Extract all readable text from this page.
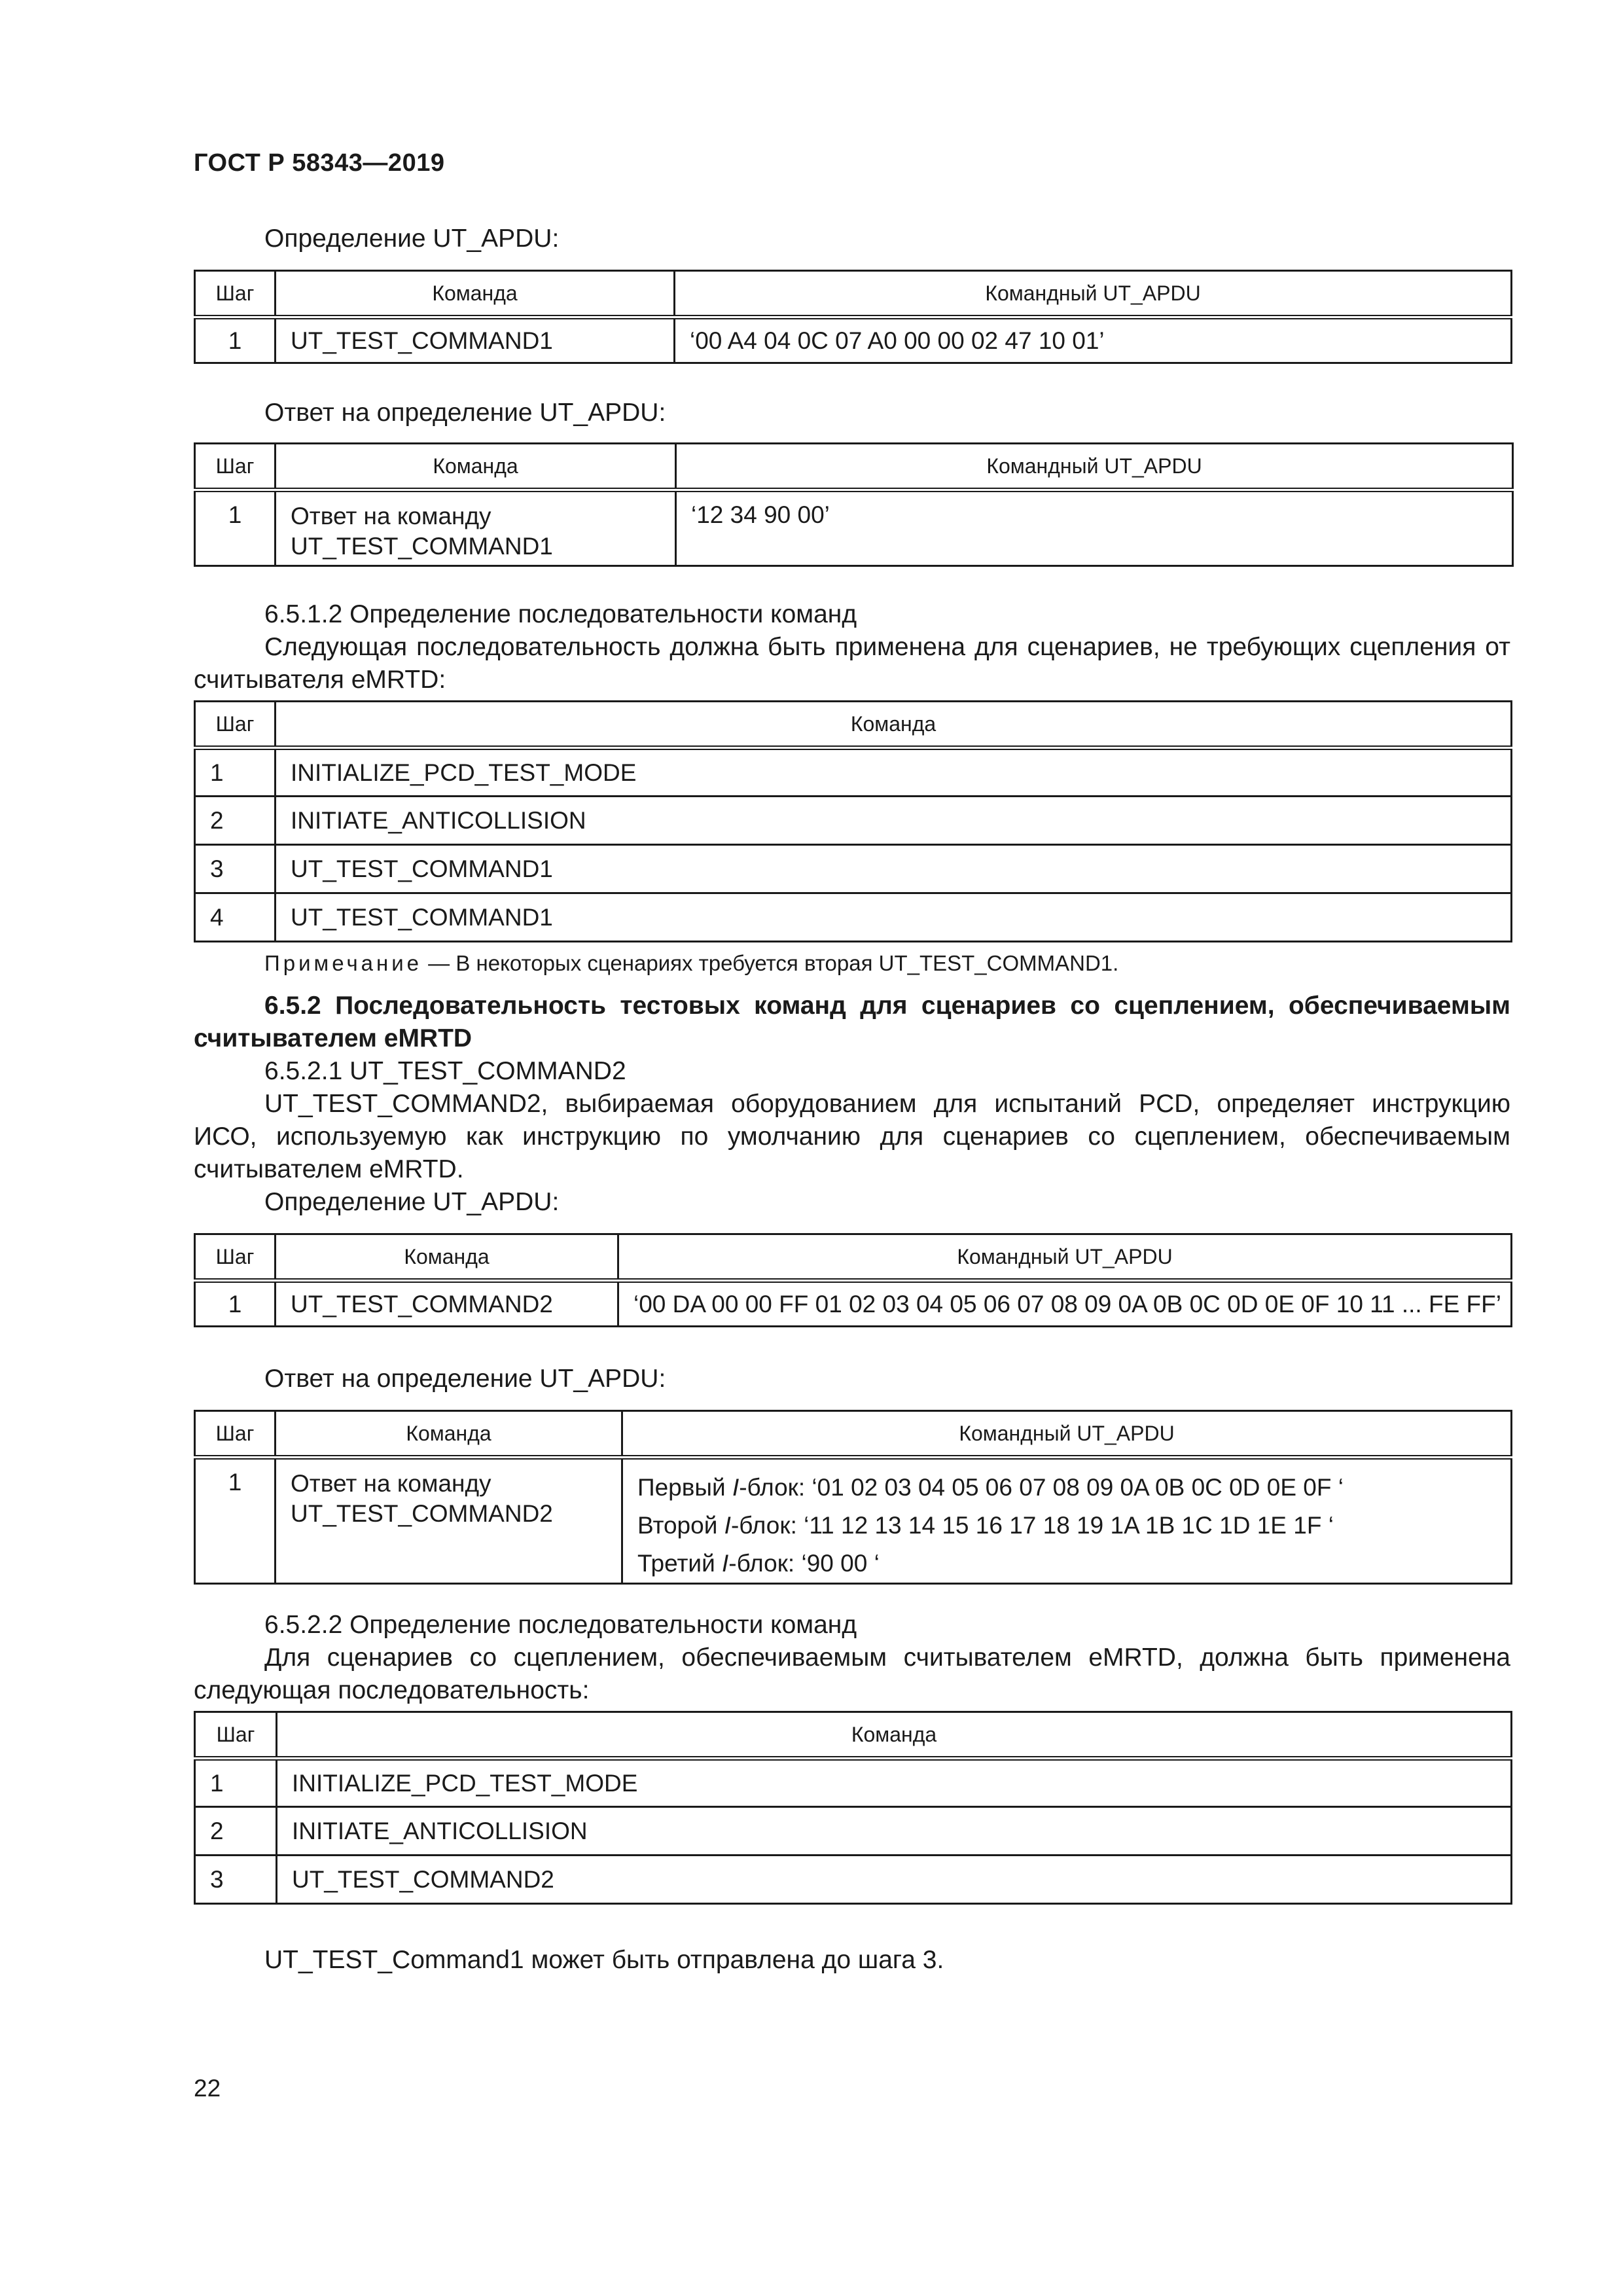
ГОСТ Р 58343—2019

Определение UT_APDU:

Шаг	Команда	Командный UT_APDU
1	UT_TEST_COMMAND1	‘00 A4 04 0C 07 A0 00 00 02 47 10 01’

Ответ на определение UT_APDU:

Шаг	Команда	Командный UT_APDU
1	Ответ на команду
UT_TEST_COMMAND1	‘12 34 90 00’

6.5.1.2 Определение последовательности команд

Следующая последовательность должна быть применена для сценариев, не требующих сцепления от считывателя eMRTD:

Шаг	Команда
1	INITIALIZE_PCD_TEST_MODE
2	INITIATE_ANTICOLLISION
3	UT_TEST_COMMAND1
4	UT_TEST_COMMAND1
Примечание — В некоторых сценариях требуется вторая UT_TEST_COMMAND1.

6.5.2 Последовательность тестовых команд для сценариев со сцеплением, обеспечиваемым считывателем eMRTD

6.5.2.1 UT_TEST_COMMAND2

UT_TEST_COMMAND2, выбираемая оборудованием для испытаний PCD, определяет инструкцию ИСО, используемую как инструкцию по умолчанию для сценариев со сцеплением, обеспечиваемым считывателем eMRTD.

Определение UT_APDU:

Шаг	Команда	Командный UT_APDU
1	UT_TEST_COMMAND2	‘00 DA 00 00 FF 01 02 03 04 05 06 07 08 09 0A 0B 0C 0D 0E 0F 10 11 ... FE FF’

Ответ на определение UT_APDU:

Шаг	Команда	Командный UT_APDU
1	Ответ на команду
UT_TEST_COMMAND2	Первый I-блок: ‘01 02 03 04 05 06 07 08 09 0A 0B 0C 0D 0E 0F ‘
Второй I-блок: ‘11 12 13 14 15 16 17 18 19 1A 1B 1C 1D 1E 1F ‘
Третий I-блок: ‘90 00 ‘

6.5.2.2 Определение последовательности команд

Для сценариев со сцеплением, обеспечиваемым считывателем eMRTD, должна быть применена следующая последовательность:

Шаг	Команда
1	INITIALIZE_PCD_TEST_MODE
2	INITIATE_ANTICOLLISION
3	UT_TEST_COMMAND2

UT_TEST_Command1 может быть отправлена до шага 3.

22
